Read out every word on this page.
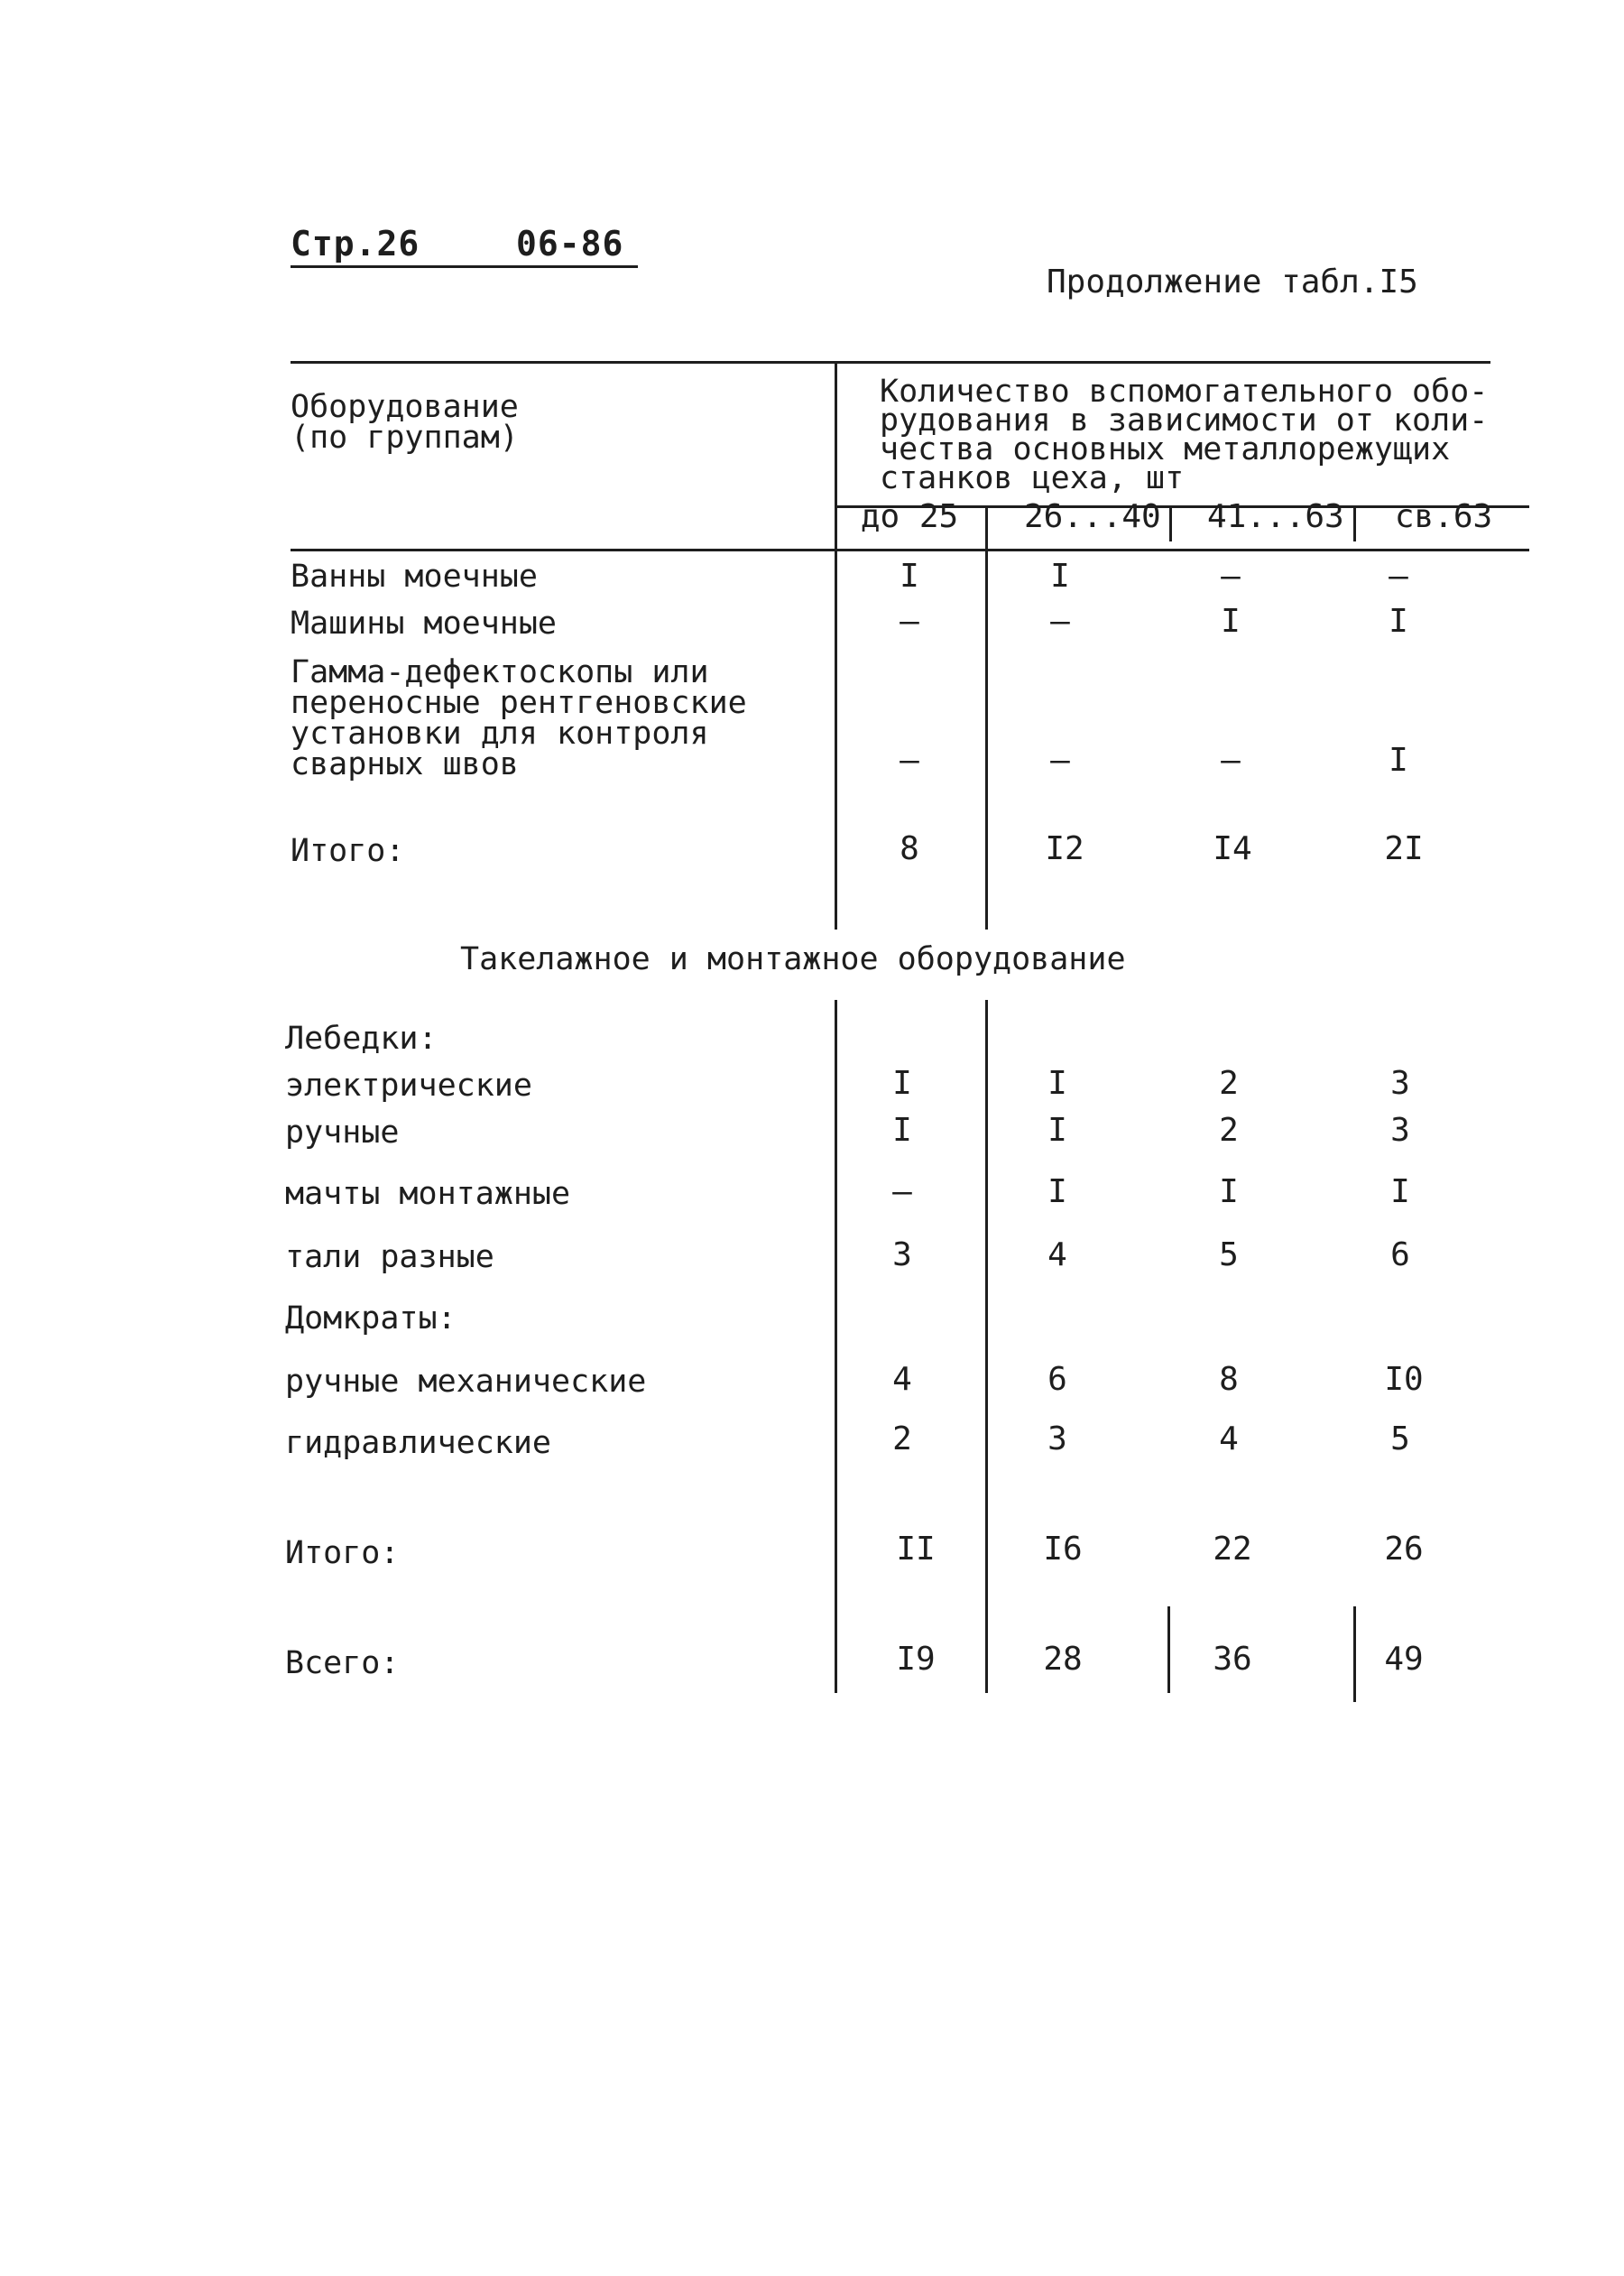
Стр.26	06-86
Продолжение табл.I5
Оборудование
(по группам)
Количество вспомогательного обо-
рудования в зависимости от коли-
чества основных металлорежущих
станков цеха, шт
до 25 26...40 41...63 св.63
Ванны моечные	I	I	–	–
Машины моечные	–	–	I	I
Гамма-дефектоскопы или
переносные рентгеновские
установки для контроля
сварных швов	–	–	–	I
Итого:	8	I2	I4	2I
Такелажное и монтажное оборудование
Лебедки:
электрические	I	I	2	3
ручные	I	I	2	3
мачты монтажные	–	I	I	I
тали разные	3	4	5	6
Домкраты:
ручные механические	4	6	8	I0
гидравлические	2	3	4	5
Итого:	II	I6	22	26
Всего:	I9	28	36	49
